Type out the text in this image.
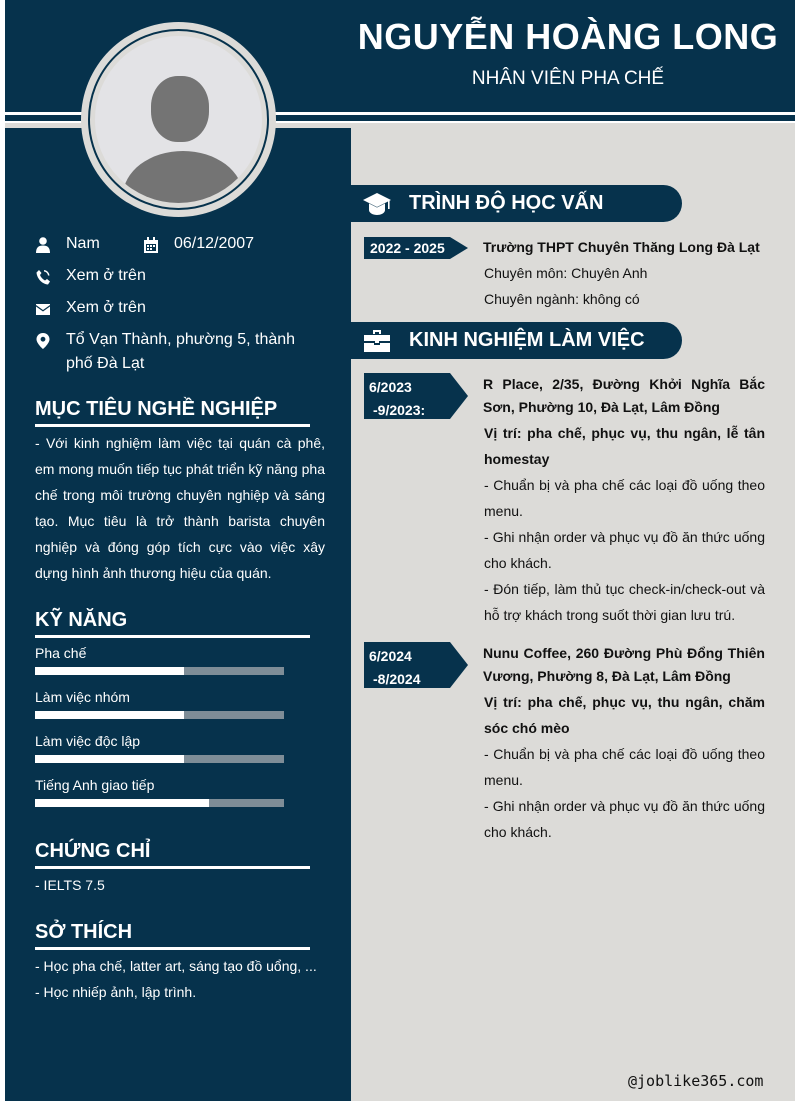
NGUYỄN HOÀNG LONG
NHÂN VIÊN PHA CHẾ
Nam	06/12/2007
Xem ở trên
Xem ở trên
Tổ Vạn Thành, phường 5, thành phố Đà Lạt
MỤC TIÊU NGHỀ NGHIỆP
- Với kinh nghiệm làm việc tại quán cà phê, em mong muốn tiếp tục phát triển kỹ năng pha chế trong môi trường chuyên nghiệp và sáng tạo. Mục tiêu là trở thành barista chuyên nghiệp và đóng góp tích cực vào việc xây dựng hình ảnh thương hiệu của quán.
KỸ NĂNG
Pha chế
Làm việc nhóm
Làm việc độc lập
Tiếng Anh giao tiếp
CHỨNG CHỈ
- IELTS 7.5
SỞ THÍCH
- Học pha chế, latter art, sáng tạo đồ uổng, ...
- Học nhiếp ảnh, lập trình.
TRÌNH ĐỘ HỌC VẤN
2022 - 2025	Trường THPT Chuyên Thăng Long Đà Lạt
Chuyên môn: Chuyên Anh
Chuyên ngành: không có
KINH NGHIỆM LÀM VIỆC
6/2023
-9/2023:
R Place, 2/35, Đường Khởi Nghĩa Bắc Sơn, Phường 10, Đà Lạt, Lâm Đồng
Vị trí: pha chế, phục vụ, thu ngân, lễ tân homestay
- Chuẩn bị và pha chế các loại đồ uống theo menu.
- Ghi nhận order và phục vụ đồ ăn thức uống cho khách.
- Đón tiếp, làm thủ tục check-in/check-out và hỗ trợ khách trong suốt thời gian lưu trú.
6/2024
-8/2024
Nunu Coffee, 260 Đường Phù Đổng Thiên Vương, Phường 8, Đà Lạt, Lâm Đồng
Vị trí: pha chế, phục vụ, thu ngân, chăm sóc chó mèo
- Chuẩn bị và pha chế các loại đồ uống theo menu.
- Ghi nhận order và phục vụ đồ ăn thức uống cho khách.
@joblike365.com
